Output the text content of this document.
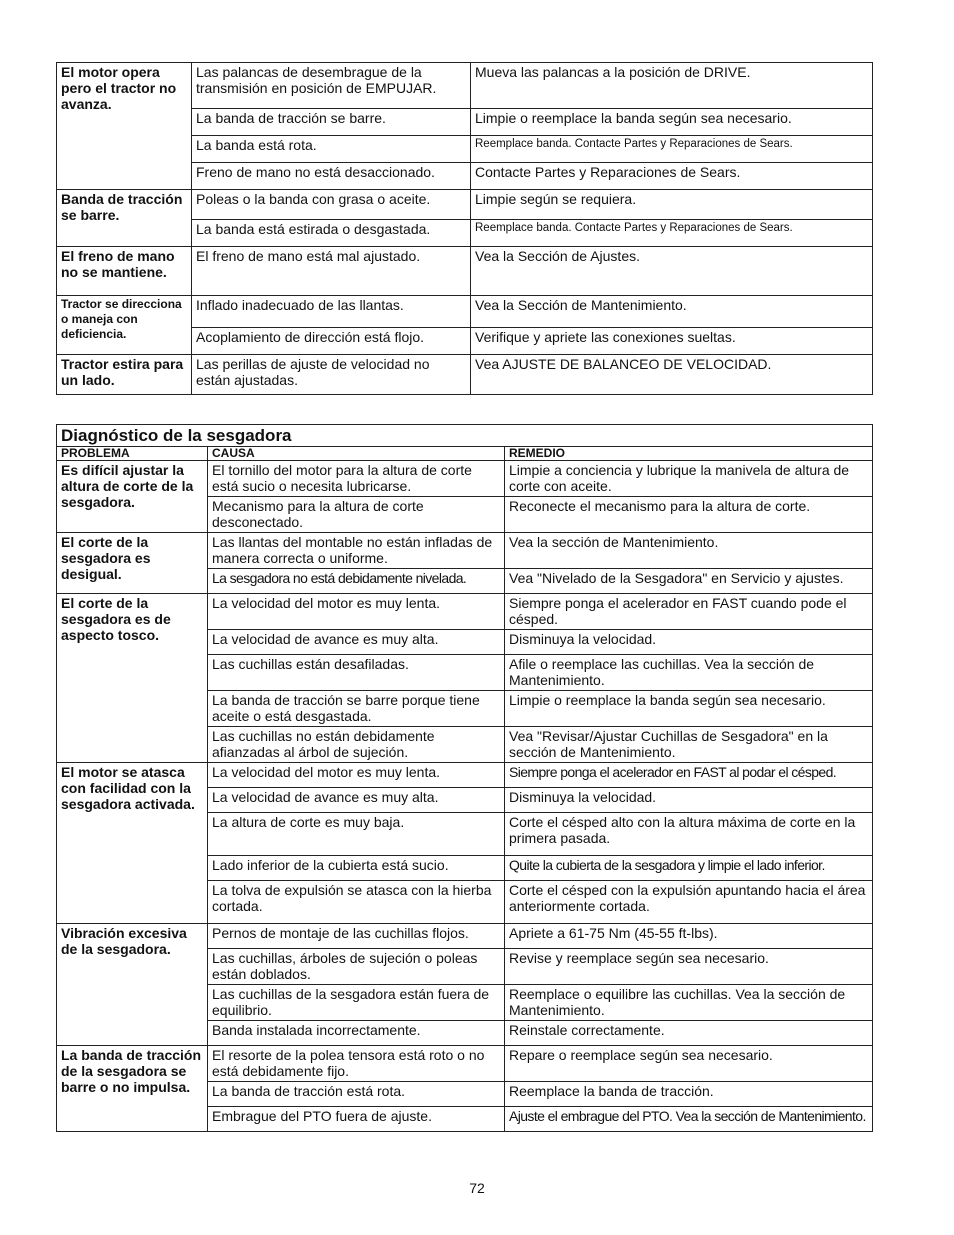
El motor opera pero el tractor no avanza.	Las palancas de desembrague de la transmisión en posición de EMPUJAR.	Mueva las palancas a la posición de DRIVE.
	La banda de tracción se barre.	Limpie o reemplace la banda según sea necesario.
	La banda está rota.	Reemplace banda. Contacte Partes y Reparaciones de Sears.
	Freno de mano no está desaccionado.	Contacte Partes y Reparaciones de Sears.
Banda de tracción se barre.	Poleas o la banda con grasa o aceite.	Limpie según se requiera.
	La banda está estirada o desgastada.	Reemplace banda. Contacte Partes y Reparaciones de Sears.
El freno de mano no se mantiene.	El freno de mano está mal ajustado.	Vea la Sección de Ajustes.
Tractor se direcciona o maneja con deficiencia.	Inflado inadecuado de las llantas.	Vea la Sección de Mantenimiento.
	Acoplamiento de dirección está flojo.	Verifique y apriete las conexiones sueltas.
Tractor estira para un lado.	Las perillas de ajuste de velocidad no están ajustadas.	Vea AJUSTE DE BALANCEO DE VELOCIDAD.
Diagnóstico de la sesgadora		
PROBLEMA	CAUSA	REMEDIO
Es difícil ajustar la altura de corte de la sesgadora.	El tornillo del motor para la altura de corte está sucio o necesita lubricarse.	Limpie a conciencia y lubrique la manivela de altura de corte con aceite.
	Mecanismo para la altura de corte desconectado.	Reconecte el mecanismo para la altura de corte.
El corte de la sesgadora es desigual.	Las llantas del montable no están infladas de manera correcta o uniforme.	Vea la sección de Mantenimiento.
	La sesgadora no está debidamente nivelada.	Vea "Nivelado de la Sesgadora" en Servicio y ajustes.
El corte de la sesgadora es de aspecto tosco.	La velocidad del motor es muy lenta.	Siempre ponga el acelerador en FAST cuando pode el césped.
	La velocidad de avance es muy alta.	Disminuya la velocidad.
	Las cuchillas están desafiladas.	Afile o reemplace las cuchillas. Vea la sección de Mantenimiento.
	La banda de tracción se barre porque tiene aceite o está desgastada.	Limpie o reemplace la banda según sea necesario.
	Las cuchillas no están debidamente afianzadas al árbol de sujeción.	Vea "Revisar/Ajustar Cuchillas de Sesgadora" en la sección de Mantenimiento.
El motor se atasca con facilidad con la sesgadora activada.	La velocidad del motor es muy lenta.	Siempre ponga el acelerador en FAST al podar el césped.
	La velocidad de avance es muy alta.	Disminuya la velocidad.
	La altura de corte es muy baja.	Corte el césped alto con la altura máxima de corte en la primera pasada.
	Lado inferior de la cubierta está sucio.	Quite la cubierta de la sesgadora y limpie el lado inferior.
	La tolva de expulsión se atasca con la hierba cortada.	Corte el césped con la expulsión apuntando hacia el área anteriormente cortada.
Vibración excesiva de la sesgadora.	Pernos de montaje de las cuchillas flojos.	Apriete a 61-75 Nm (45-55 ft-lbs).
	Las cuchillas, árboles de sujeción o poleas están doblados.	Revise y reemplace según sea necesario.
	Las cuchillas de la sesgadora están fuera de equilibrio.	Reemplace o equilibre las cuchillas. Vea la sección de Mantenimiento.
	Banda instalada incorrectamente.	Reinstale correctamente.
La banda de tracción de la sesgadora se barre o no impulsa.	El resorte de la polea tensora está roto o no está debidamente fijo.	Repare o reemplace según sea necesario.
	La banda de tracción está rota.	Reemplace la banda de tracción.
	Embrague del PTO fuera de ajuste.	Ajuste el embrague del PTO. Vea la sección de Mantenimiento.
72
